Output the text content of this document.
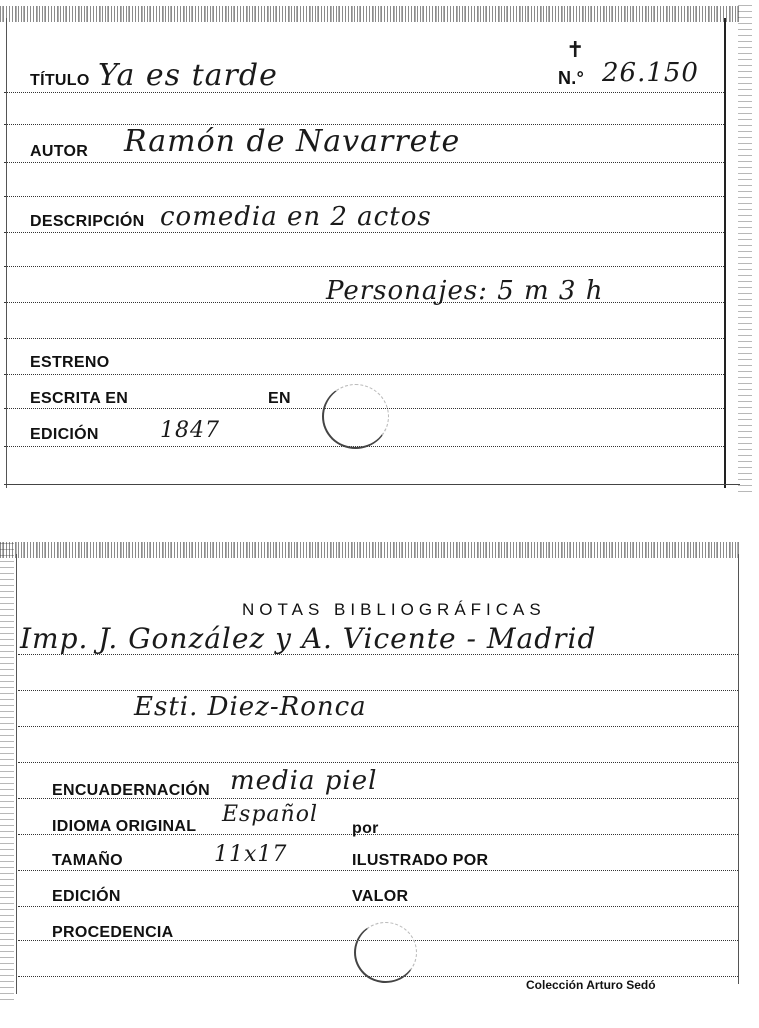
TÍTULO Ya es tarde
✝
N.° 26.150
AUTOR Ramón de Navarrete
DESCRIPCIÓN comedia en 2 actos
Personajes: 5 m 3 h
ESTRENO
ESCRITA EN	EN
EDICIÓN	1847
NOTAS BIBLIOGRÁFICAS
Imp. J. González y A. Vicente - Madrid
Esti. Diez-Ronca
ENCUADERNACIÓN media piel
IDIOMA ORIGINAL Español
por
TAMAÑO	11x17	ILUSTRADO POR
EDICIÓN	VALOR
PROCEDENCIA
Colección Arturo Sedó
